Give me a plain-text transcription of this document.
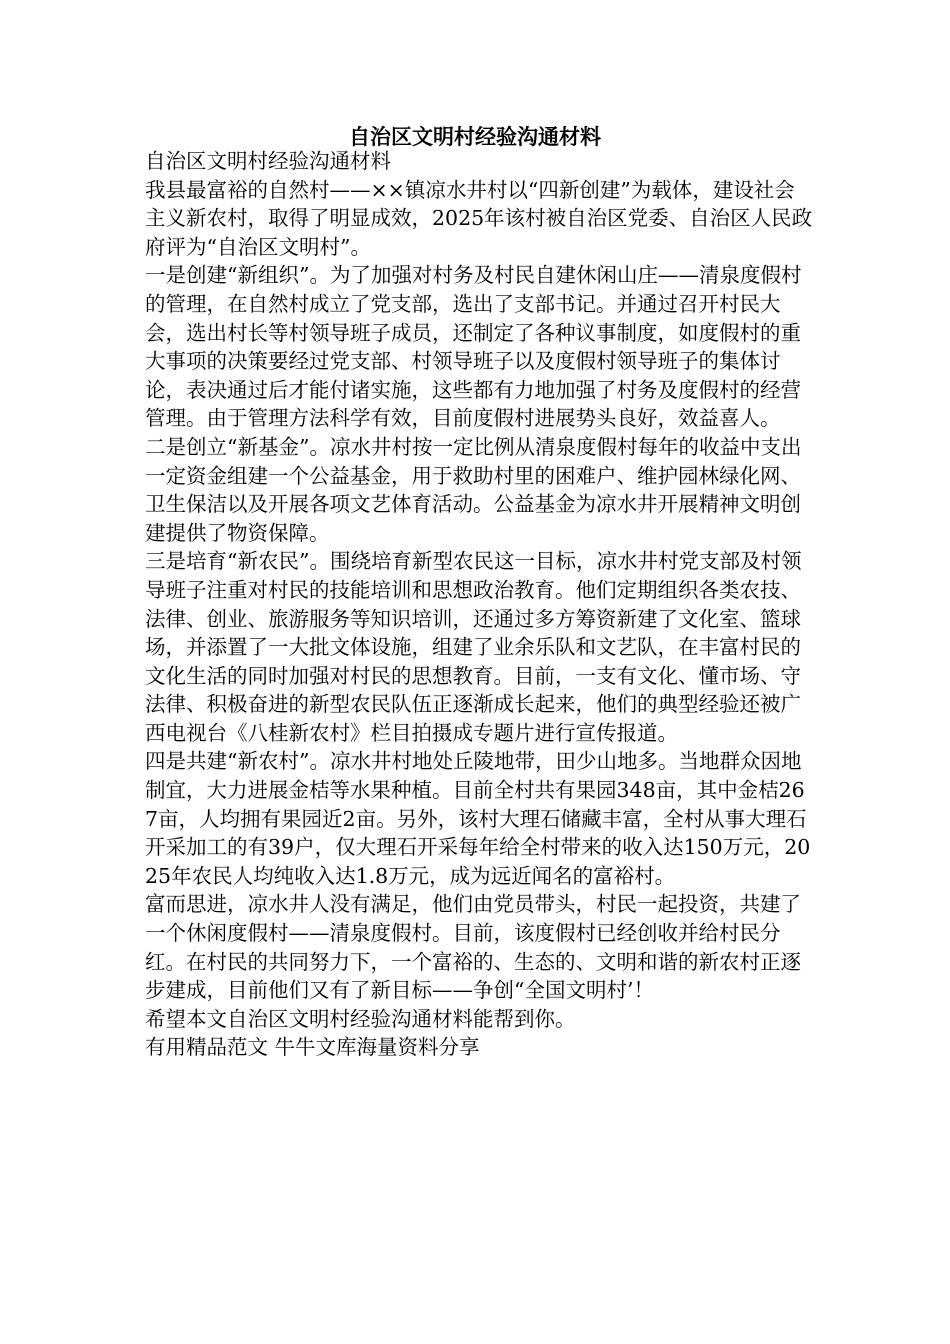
自治区文明村经验沟通材料

自治区文明村经验沟通材料

我县最富裕的自然村——××镇凉水井村以“四新创建”为载体，建设社会主义新农村，取得了明显成效，2025年该村被自治区党委、自治区人民政府评为“自治区文明村”。

一是创建“新组织”。为了加强对村务及村民自建休闲山庄——清泉度假村的管理，在自然村成立了党支部，选出了支部书记。并通过召开村民大会，选出村长等村领导班子成员，还制定了各种议事制度，如度假村的重大事项的决策要经过党支部、村领导班子以及度假村领导班子的集体讨论，表决通过后才能付诸实施，这些都有力地加强了村务及度假村的经营管理。由于管理方法科学有效，目前度假村进展势头良好，效益喜人。

二是创立“新基金”。凉水井村按一定比例从清泉度假村每年的收益中支出一定资金组建一个公益基金，用于救助村里的困难户、维护园林绿化网、卫生保洁以及开展各项文艺体育活动。公益基金为凉水井开展精神文明创建提供了物资保障。

三是培育“新农民”。围绕培育新型农民这一目标，凉水井村党支部及村领导班子注重对村民的技能培训和思想政治教育。他们定期组织各类农技、法律、创业、旅游服务等知识培训，还通过多方筹资新建了文化室、篮球场，并添置了一大批文体设施，组建了业余乐队和文艺队，在丰富村民的文化生活的同时加强对村民的思想教育。目前，一支有文化、懂市场、守法律、积极奋进的新型农民队伍正逐渐成长起来，他们的典型经验还被广西电视台《八桂新农村》栏目拍摄成专题片进行宣传报道。

四是共建“新农村”。凉水井村地处丘陵地带，田少山地多。当地群众因地制宜，大力进展金桔等水果种植。目前全村共有果园348亩，其中金桔267亩，人均拥有果园近2亩。另外，该村大理石储藏丰富，全村从事大理石开采加工的有39户，仅大理石开采每年给全村带来的收入达150万元，2025年农民人均纯收入达1.8万元，成为远近闻名的富裕村。

富而思进，凉水井人没有满足，他们由党员带头，村民一起投资，共建了一个休闲度假村——清泉度假村。目前，该度假村已经创收并给村民分红。在村民的共同努力下，一个富裕的、生态的、文明和谐的新农村正逐步建成，目前他们又有了新目标——争创“全国文明村’！

希望本文自治区文明村经验沟通材料能帮到你。

有用精品范文 牛牛文库海量资料分享
